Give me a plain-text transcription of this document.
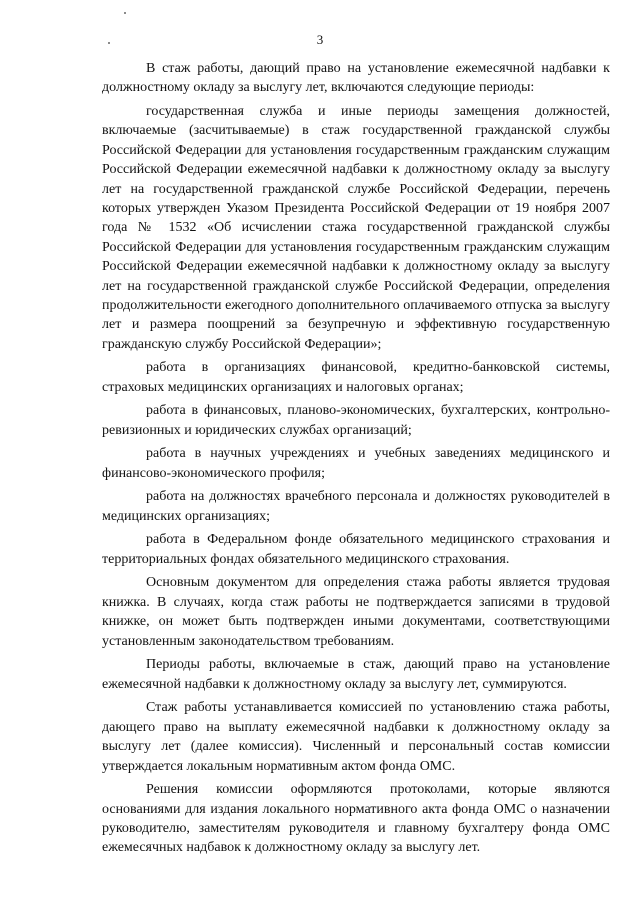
3

В стаж работы, дающий право на установление ежемесячной надбавки к должностному окладу за выслугу лет, включаются следующие периоды:

государственная служба и иные периоды замещения должностей, включаемые (засчитываемые) в стаж государственной гражданской службы Российской Федерации для установления государственным гражданским служащим Российской Федерации ежемесячной надбавки к должностному окладу за выслугу лет на государственной гражданской службе Российской Федерации, перечень которых утвержден Указом Президента Российской Федерации от 19 ноября 2007 года № 1532 «Об исчислении стажа государственной гражданской службы Российской Федерации для установления государственным гражданским служащим Российской Федерации ежемесячной надбавки к должностному окладу за выслугу лет на государственной гражданской службе Российской Федерации, определения продолжительности ежегодного дополнительного оплачиваемого отпуска за выслугу лет и размера поощрений за безупречную и эффективную государственную гражданскую службу Российской Федерации»;

работа в организациях финансовой, кредитно-банковской системы, страховых медицинских организациях и налоговых органах;

работа в финансовых, планово-экономических, бухгалтерских, контрольно-ревизионных и юридических службах организаций;

работа в научных учреждениях и учебных заведениях медицинского и финансово-экономического профиля;

работа на должностях врачебного персонала и должностях руководителей в медицинских организациях;

работа в Федеральном фонде обязательного медицинского страхования и территориальных фондах обязательного медицинского страхования.

Основным документом для определения стажа работы является трудовая книжка. В случаях, когда стаж работы не подтверждается записями в трудовой книжке, он может быть подтвержден иными документами, соответствующими установленным законодательством требованиям.

Периоды работы, включаемые в стаж, дающий право на установление ежемесячной надбавки к должностному окладу за выслугу лет, суммируются.

Стаж работы устанавливается комиссией по установлению стажа работы, дающего право на выплату ежемесячной надбавки к должностному окладу за выслугу лет (далее комиссия). Численный и персональный состав комиссии утверждается локальным нормативным актом фонда ОМС.

Решения комиссии оформляются протоколами, которые являются основаниями для издания локального нормативного акта фонда ОМС о назначении руководителю, заместителям руководителя и главному бухгалтеру фонда ОМС ежемесячных надбавок к должностному окладу за выслугу лет.
